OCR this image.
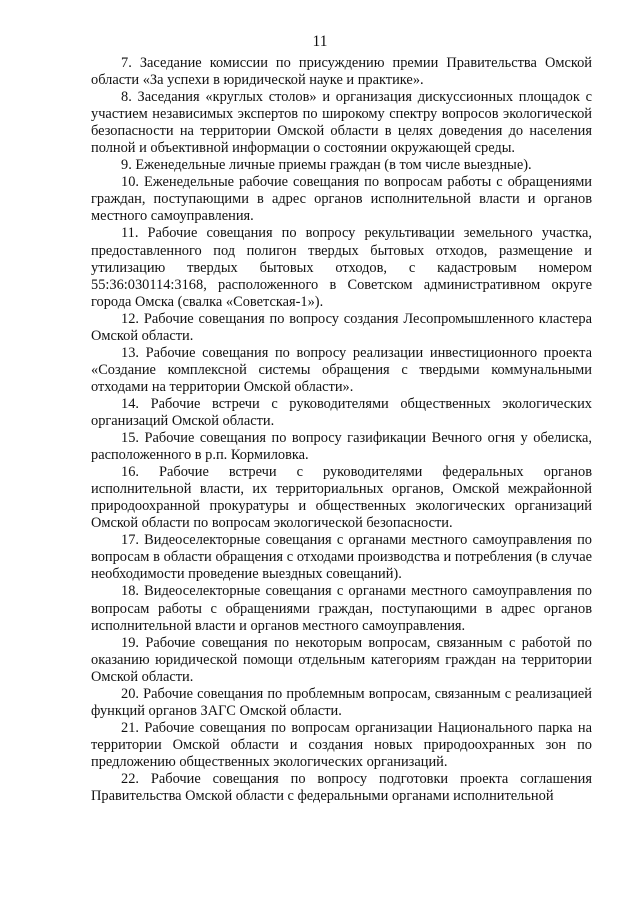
11

7. Заседание комиссии по присуждению премии Правительства Омской области «За успехи в юридической науке и практике».

8. Заседания «круглых столов» и организация дискуссионных площадок с участием независимых экспертов по широкому спектру вопросов экологической безопасности на территории Омской области в целях доведения до населения полной и объективной информации о состоянии окружающей среды.

9. Еженедельные личные приемы граждан (в том числе выездные).

10. Еженедельные рабочие совещания по вопросам работы с обращениями граждан, поступающими в адрес органов исполнительной власти и органов местного самоуправления.

11. Рабочие совещания по вопросу рекультивации земельного участка, предоставленного под полигон твердых бытовых отходов, размещение и утилизацию твердых бытовых отходов, с кадастровым номером 55:36:030114:3168, расположенного в Советском административном округе города Омска (свалка «Советская-1»).

12. Рабочие совещания по вопросу создания Лесопромышленного кластера Омской области.

13. Рабочие совещания по вопросу реализации инвестиционного проекта «Создание комплексной системы обращения с твердыми коммунальными отходами на территории Омской области».

14. Рабочие встречи с руководителями общественных экологических организаций Омской области.

15. Рабочие совещания по вопросу газификации Вечного огня у обелиска, расположенного в р.п. Кормиловка.

16. Рабочие встречи с руководителями федеральных органов исполнительной власти, их территориальных органов, Омской межрайонной природоохранной прокуратуры и общественных экологических организаций Омской области по вопросам экологической безопасности.

17. Видеоселекторные совещания с органами местного самоуправления по вопросам в области обращения с отходами производства и потребления (в случае необходимости проведение выездных совещаний).

18. Видеоселекторные совещания с органами местного самоуправления по вопросам работы с обращениями граждан, поступающими в адрес органов исполнительной власти и органов местного самоуправления.

19. Рабочие совещания по некоторым вопросам, связанным с работой по оказанию юридической помощи отдельным категориям граждан на территории Омской области.

20. Рабочие совещания по проблемным вопросам, связанным с реализацией функций органов ЗАГС Омской области.

21. Рабочие совещания по вопросам организации Национального парка на территории Омской области и создания новых природоохранных зон по предложению общественных экологических организаций.

22. Рабочие совещания по вопросу подготовки проекта соглашения Правительства Омской области с федеральными органами исполнительной
